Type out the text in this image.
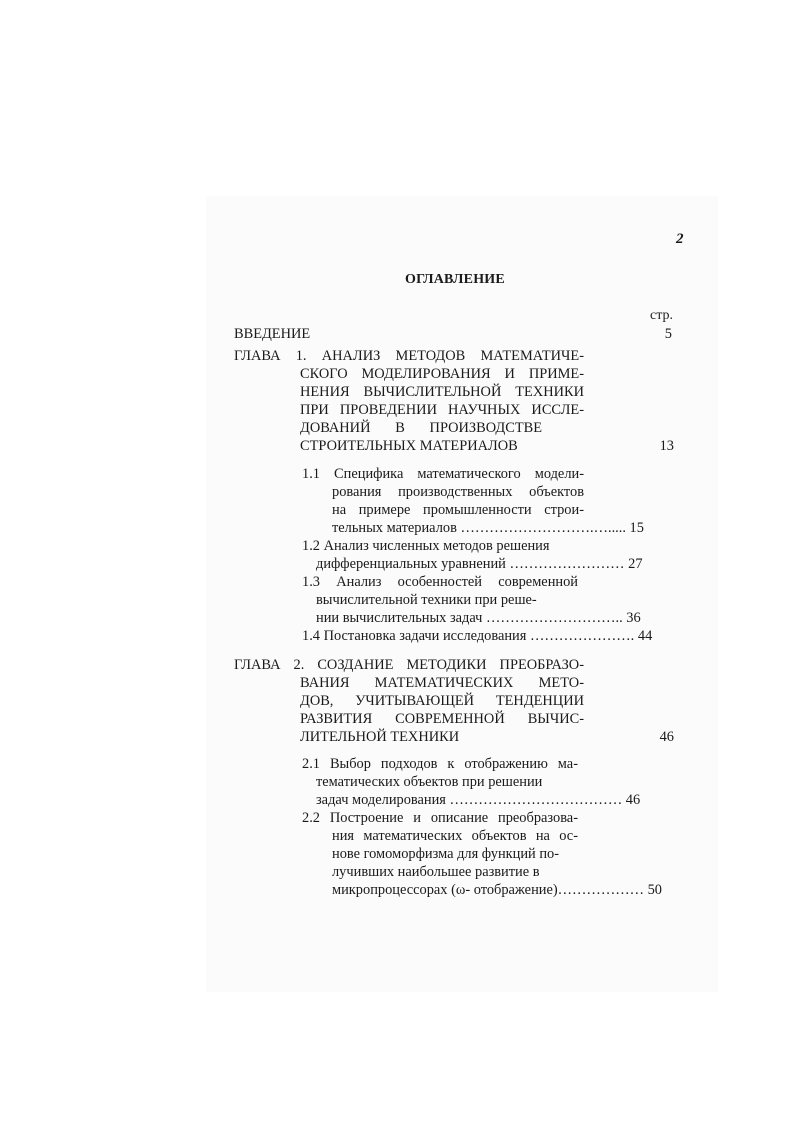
2
ОГЛАВЛЕНИЕ
стр.
ВВЕДЕНИЕ	5
ГЛАВА 1. АНАЛИЗ МЕТОДОВ МАТЕМАТИЧЕ-
СКОГО МОДЕЛИРОВАНИЯ И ПРИМЕ-
НЕНИЯ ВЫЧИСЛИТЕЛЬНОЙ ТЕХНИКИ
ПРИ ПРОВЕДЕНИИ НАУЧНЫХ ИССЛЕ-
ДОВАНИЙ В ПРОИЗВОДСТВЕ
СТРОИТЕЛЬНЫХ МАТЕРИАЛОВ	13
1.1 Специфика математического модели-
рования производственных объектов
на примере промышленности строи-
тельных материалов ……………………….…..... 15
1.2 Анализ численных методов решения
дифференциальных уравнений …………………… 27
1.3 Анализ особенностей современной
вычислительной техники при реше-
нии вычислительных задач ……………………….. 36
1.4 Постановка задачи исследования …………………. 44
ГЛАВА 2. СОЗДАНИЕ МЕТОДИКИ ПРЕОБРАЗО-
ВАНИЯ МАТЕМАТИЧЕСКИХ МЕТО-
ДОВ, УЧИТЫВАЮЩЕЙ ТЕНДЕНЦИИ
РАЗВИТИЯ СОВРЕМЕННОЙ ВЫЧИС-
ЛИТЕЛЬНОЙ ТЕХНИКИ	46
2.1 Выбор подходов к отображению ма-
тематических объектов при решении
задач моделирования ……………………………… 46
2.2 Построение и описание преобразова-
ния математических объектов на ос-
нове гомоморфизма для функций по-
лучивших наибольшее развитие в
микропроцессорах (ω- отображение)……………… 50
